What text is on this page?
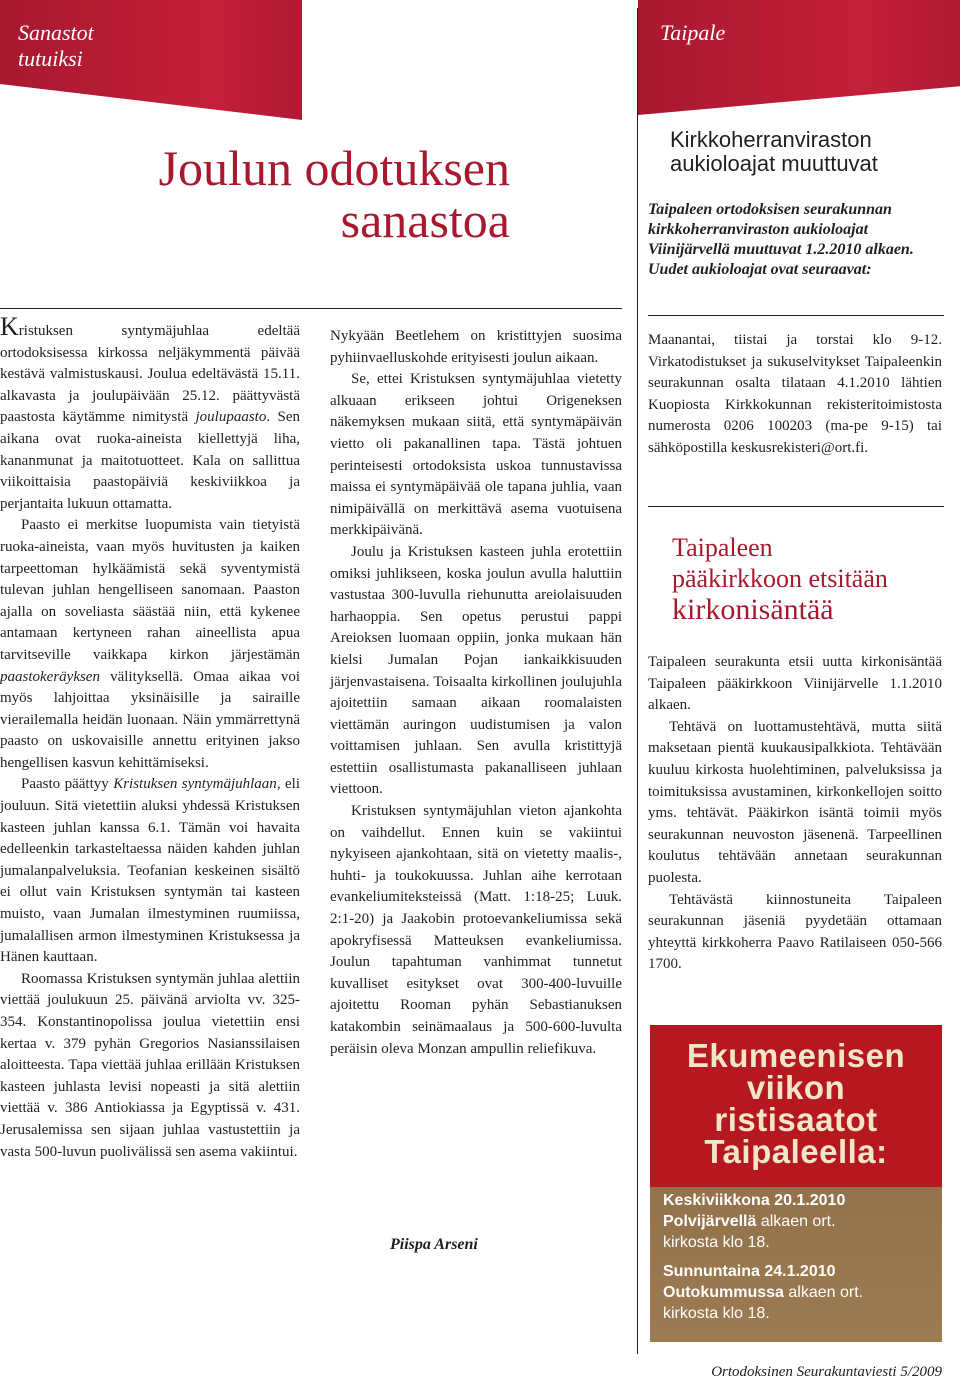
Sanastot
tutuiksi
Joulun odotuksen
sanastoa

Kristuksen syntymäjuhlaa edeltää ortodoksisessa kirkossa neljäkymmentä päivää kestävä valmistuskausi. Joulua edeltävästä 15.11. alkavasta ja joulupäivään 25.12. päättyvästä paastosta käytämme nimitystä joulupaasto. Sen aikana ovat ruoka-aineista kiellettyjä liha, kananmunat ja maitotuotteet. Kala on sallittua viikoittaisia paastopäiviä keskiviikkoa ja perjantaita lukuun ottamatta.

Paasto ei merkitse luopumista vain tietyistä ruoka-aineista, vaan myös huvitusten ja kaiken tarpeettoman hylkäämistä sekä syventymistä tulevan juhlan hengelliseen sanomaan. Paaston ajalla on soveliasta säästää niin, että kykenee antamaan kertyneen rahan aineellista apua tarvitseville vaikkapa kirkon järjestämän paastokeräyksen välityksellä. Omaa aikaa voi myös lahjoittaa yksinäisille ja sairaille vierailemalla heidän luonaan. Näin ymmärrettynä paasto on uskovaisille annettu erityinen jakso hengellisen kasvun kehittämiseksi.

Paasto päättyy Kristuksen syntymäjuhlaan, eli jouluun. Sitä vietettiin aluksi yhdessä Kristuksen kasteen juhlan kanssa 6.1. Tämän voi havaita edelleenkin tarkasteltaessa näiden kahden juhlan jumalanpalveluksia. Teofanian keskeinen sisältö ei ollut vain Kristuksen syntymän tai kasteen muisto, vaan Jumalan ilmestyminen ruumiissa, jumalallisen armon ilmestyminen Kristuksessa ja Hänen kauttaan.

Roomassa Kristuksen syntymän juhlaa alettiin viettää joulukuun 25. päivänä arviolta vv. 325-354. Konstantinopolissa joulua vietettiin ensi kertaa v. 379 pyhän Gregorios Nasianssilaisen aloitteesta. Tapa viettää juhlaa erillään Kristuksen kasteen juhlasta levisi nopeasti ja sitä alettiin viettää v. 386 Antiokiassa ja Egyptissä v. 431. Jerusalemissa sen sijaan juhlaa vastustettiin ja vasta 500-luvun puolivälissä sen asema vakiintui.

Nykyään Beetlehem on kristittyjen suosima pyhiinvaelluskohde erityisesti joulun aikaan.

Se, ettei Kristuksen syntymäjuhlaa vietetty alkuaan erikseen johtui Origeneksen näkemyksen mukaan siitä, että syntymäpäivän vietto oli pakanallinen tapa. Tästä johtuen perinteisesti ortodoksista uskoa tunnustavissa maissa ei syntymäpäivää ole tapana juhlia, vaan nimipäivällä on merkittävä asema vuotuisena merkkipäivänä.

Joulu ja Kristuksen kasteen juhla erotettiin omiksi juhlikseen, koska joulun avulla haluttiin vastustaa 300-luvulla riehunutta areiolaisuuden harhaoppia. Sen opetus perustui pappi Areioksen luomaan oppiin, jonka mukaan hän kielsi Jumalan Pojan iankaikkisuuden järjenvastaisena. Toisaalta kirkollinen joulujuhla ajoitettiin samaan aikaan roomalaisten viettämän auringon uudistumisen ja valon voittamisen juhlaan. Sen avulla kristittyjä estettiin osallistumasta pakanalliseen juhlaan viettoon.

Kristuksen syntymäjuhlan vieton ajankohta on vaihdellut. Ennen kuin se vakiintui nykyiseen ajankohtaan, sitä on vietetty maalis-, huhti- ja toukokuussa. Juhlan aihe kerrotaan evankeliumiteksteissä (Matt. 1:18-25; Luuk. 2:1-20) ja Jaakobin protoevankeliumissa sekä apokryfisessä Matteuksen evankeliumissa. Joulun tapahtuman vanhimmat tunnetut kuvalliset esitykset ovat 300-400-luvuille ajoitettu Rooman pyhän Sebastianuksen katakombin seinämaalaus ja 500-600-luvulta peräisin oleva Monzan ampullin reliefikuva.

Piispa Arseni
Taipale
Kirkkoherranviraston
aukioloajat muuttuvat
Taipaleen ortodoksisen seurakunnan kirkkoherranviraston aukioloajat Viinijärvellä muuttuvat 1.2.2010 alkaen. Uudet aukioloajat ovat seuraavat:

Maanantai, tiistai ja torstai klo 9-12. Virkatodistukset ja sukuselvitykset Taipaleenkin seurakunnan osalta tilataan 4.1.2010 lähtien Kuopiosta Kirkkokunnan rekisteritoimistosta numerosta 0206 100203 (ma-pe 9-15) tai sähköpostilla keskusrekisteri@ort.fi.

Taipaleen
pääkirkkoon etsitään
kirkonisäntää

Taipaleen seurakunta etsii uutta kirkonisäntää Taipaleen pääkirkkoon Viinijärvelle 1.1.2010 alkaen.

Tehtävä on luottamustehtävä, mutta siitä maksetaan pientä kuukausipalkkiota. Tehtävään kuuluu kirkosta huolehtiminen, palveluksissa ja toimituksissa avustaminen, kirkonkellojen soitto yms. tehtävät. Pääkirkon isäntä toimii myös seurakunnan neuvoston jäsenenä. Tarpeellinen koulutus tehtävään annetaan seurakunnan puolesta.

Tehtävästä kiinnostuneita Taipaleen seurakunnan jäseniä pyydetään ottamaan yhteyttä kirkkoherra Paavo Ratilaiseen 050-566 1700.

Ekumeenisen
viikon
ristisaatot
Taipaleella:
Keskiviikkona 20.1.2010
Polvijärvellä alkaen ort.
kirkosta klo 18.
Sunnuntaina 24.1.2010
Outokummussa alkaen ort.
kirkosta klo 18.
Ortodoksinen Seurakuntaviesti 5/2009
